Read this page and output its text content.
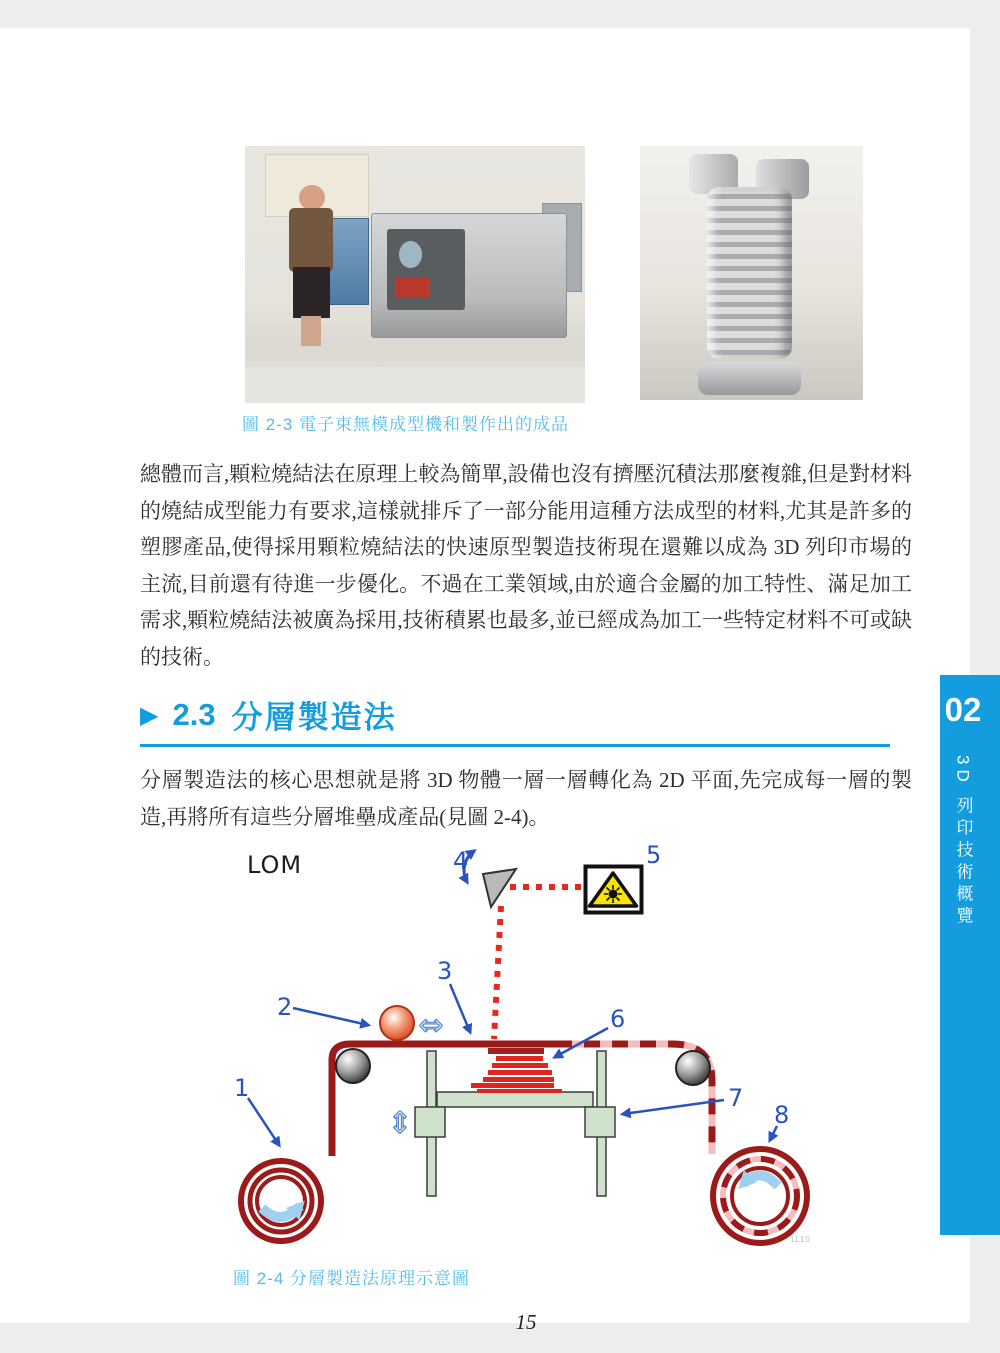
圖 2-3 電子束無模成型機和製作出的成品

總體而言,顆粒燒結法在原理上較為簡單,設備也沒有擠壓沉積法那麼複雜,但是對材料的燒結成型能力有要求,這樣就排斥了一部分能用這種方法成型的材料,尤其是許多的塑膠產品,使得採用顆粒燒結法的快速原型製造技術現在還難以成為 3D 列印市場的主流,目前還有待進一步優化。不過在工業領域,由於適合金屬的加工特性、滿足加工需求,顆粒燒結法被廣為採用,技術積累也最多,並已經成為加工一些特定材料不可或缺的技術。

▶ 2.3 分層製造法

分層製造法的核心思想就是將 3D 物體一層一層轉化為 2D 平面,先完成每一層的製造,再將所有這些分層堆壘成產品(見圖 2-4)。

⇔
⇕
1
2
3
4	5
6
7
8
LOM
LL10
圖 2-4 分層製造法原理示意圖
15
02
3D 列印技術概覽
